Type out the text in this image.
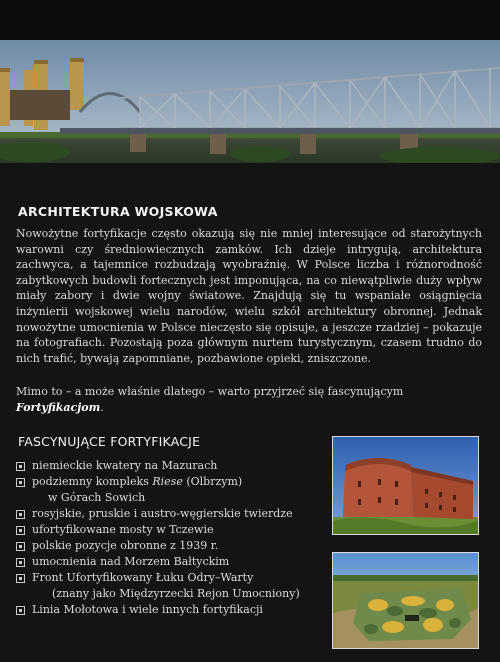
ARCHITEKTURA WOJSKOWA

Nowożytne fortyfikacje często okazują się nie mniej interesujące od starożytnych warowni czy średniowiecznych zamków. Ich dzieje intrygują, architektura zachwyca, a tajemnice rozbudzają wyobraźnię. W Polsce liczba i różnorodność zabytkowych budowli fortecznych jest imponująca, na co niewątpliwie duży wpływ miały zabory i dwie wojny światowe. Znajdują się tu wspaniałe osiągnięcia inżynierii wojskowej wielu narodów, wielu szkół architektury obronnej. Jednak nowożytne umocnienia w Polsce nieczęsto się opisuje, a jeszcze rzadziej – pokazuje na fotografiach. Pozostają poza głównym nurtem turystycznym, czasem trudno do nich trafić, bywają zapomniane, pozbawione opieki, zniszczone.

Mimo to – a może właśnie dlatego – warto przyjrzeć się fascynującym Fortyfikacjom.
FASCYNUJĄCE FORTYFIKACJE
niemieckie kwatery na Mazurach
podziemny kompleks Riese (Olbrzym)
w Górach Sowich
rosyjskie, pruskie i austro-węgierskie twierdze
ufortyfikowane mosty w Tczewie
polskie pozycje obronne z 1939 r.
umocnienia nad Morzem Bałtyckim
Front Ufortyfikowany Łuku Odry–Warty
(znany jako Międzyrzecki Rejon Umocniony)
Linia Mołotowa i wiele innych fortyfikacji
